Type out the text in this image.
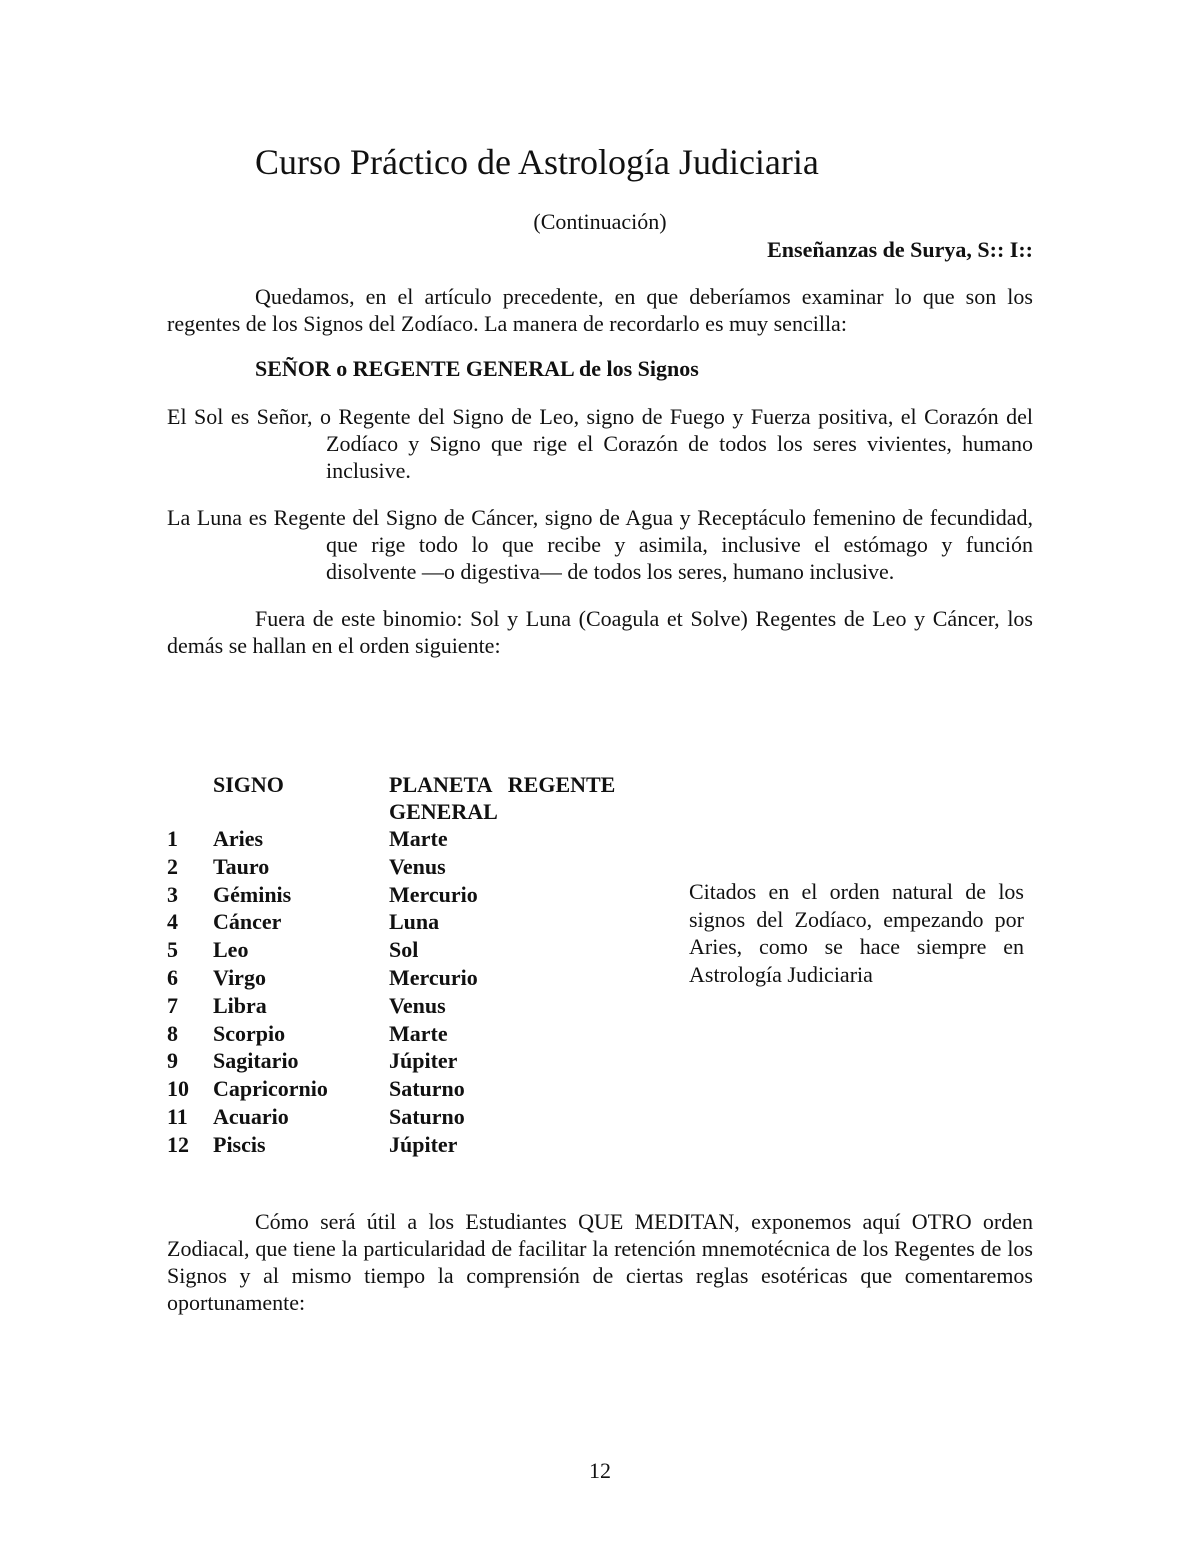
Curso Práctico de Astrología Judiciaria
(Continuación)
Enseñanzas de Surya, S:: I::

Quedamos, en el artículo precedente, en que deberíamos examinar lo que son los regentes de los Signos del Zodíaco. La manera de recordarlo es muy sencilla:

SEÑOR o REGENTE GENERAL de los Signos

El Sol es Señor, o Regente del Signo de Leo, signo de Fuego y Fuerza positiva, el Corazón del Zodíaco y Signo que rige el Corazón de todos los seres vivientes, humano inclusive.

La Luna es Regente del Signo de Cáncer, signo de Agua y Receptáculo femenino de fecundidad, que rige todo lo que recibe y asimila, inclusive el estómago y función disolvente —o digestiva— de todos los seres, humano inclusive.

Fuera de este binomio: Sol y Luna (Coagula et Solve) Regentes de Leo y Cáncer, los demás se hallan en el orden siguiente:

SIGNO	PLANETA   REGENTE
GENERAL
1 Aries	Marte
2 Tauro	Venus
3 Géminis	Mercurio
4 Cáncer	Luna
5 Leo	Sol
6 Virgo	Mercurio
7 Libra	Venus
8 Scorpio	Marte
9 Sagitario	Júpiter
10 Capricornio	Saturno
11 Acuario	Saturno
12 Piscis	Júpiter
Citados en el orden natural de los signos del Zodíaco, empezando por Aries, como se hace siempre en Astrología Judiciaria

Cómo será útil a los Estudiantes QUE MEDITAN, exponemos aquí OTRO orden Zodiacal, que tiene la particularidad de facilitar la retención mnemotécnica de los Regentes de los Signos y al mismo tiempo la comprensión de ciertas reglas esotéricas que comentaremos oportunamente:

12
